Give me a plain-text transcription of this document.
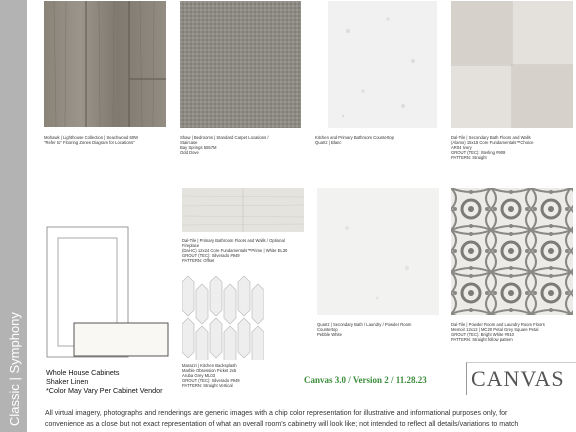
Classic | Symphony
Mohawk | Lighthouse Collection | Seachwood 60W
"Refer to" Flooring Zones Diagram for Locations"
Shaw | Bedrooms | Standard Carpet Locations /
Staircase
Bay Springs 5557M
Odd Dove
Kitchen and Primary Bathroom Countertop
Quartz | Blanc
Dal-Tile | Secondary Bath Floors and Walls
(Alamo) 15x15 Core Fundamentals™Choice
AR04 Ivory
GROUT (TEC): Sterling #909
PATTERN: Straight
Dal-Tile | Primary Bathroom Floors and Walls / Optional
Fireplace
(Dal-IC) 12x24 Core Fundamentals™Prime | White EL30
GROUT (TEC): Silverado #949
PATTERN: Offset
Marazzi | Kitchen Backsplash
Marble Obsession Picket 2x5
Aruba Grey ML03
GROUT (TEC): Silverado #949
PATTERN: Straight Vertical
Quartz | Secondary Bath / Laundry / Powder Room
Countertop
Pebble White
Dal-Tile | Powder Room and Laundry Room Floors
Memoir 12x12 | MC20 Petal Grey Square Petal
GROUT (TEC): Bright White #910
PATTERN: Straight follow pattern
Whole House Cabinets
Shaker Linen
*Color May Vary Per Cabinet Vendor
Canvas 3.0 / Version 2 / 11.28.23 CANVAS
All virtual imagery, photographs and renderings are generic images with a chip color representation for illustrative and informational purposes only, for
convenience as a close but not exact representation of what an overall room's cabinetry will look like; not intended to reflect all details/variations to match
